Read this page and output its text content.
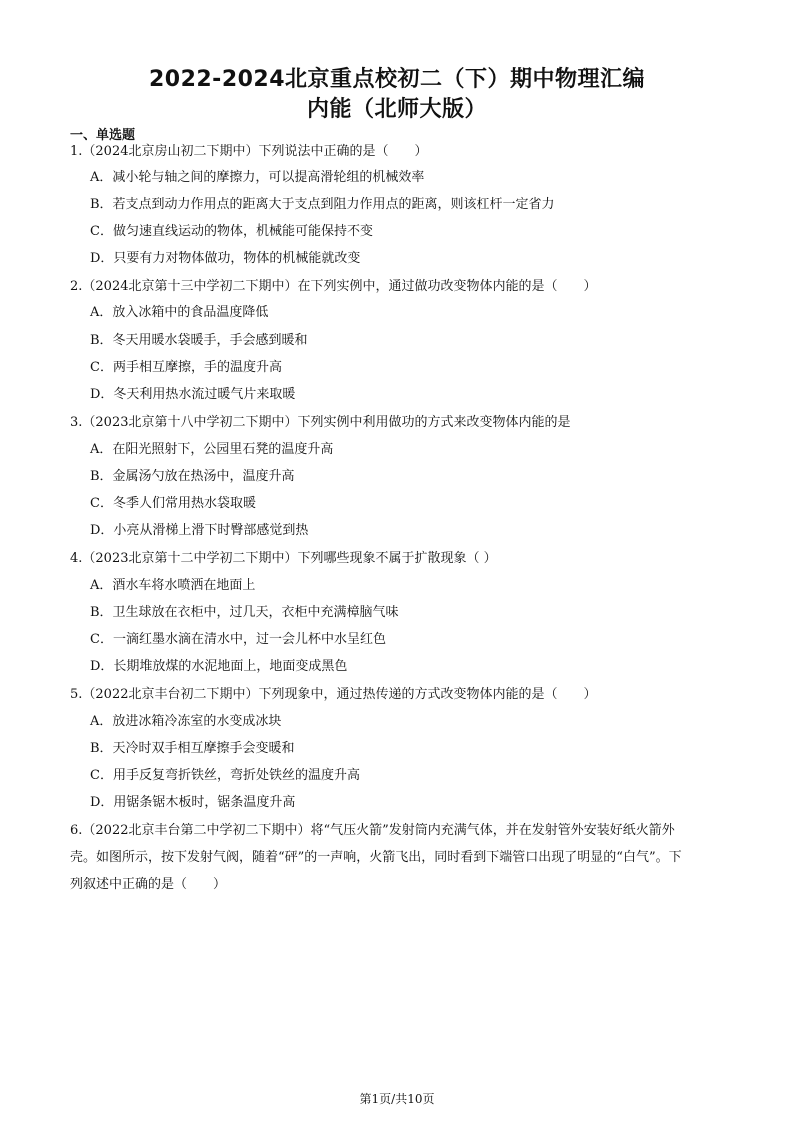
2022-2024北京重点校初二（下）期中物理汇编
内能（北师大版）
一、单选题
1.（2024北京房山初二下期中）下列说法中正确的是（　　）
A．减小轮与轴之间的摩擦力，可以提高滑轮组的机械效率
B．若支点到动力作用点的距离大于支点到阻力作用点的距离，则该杠杆一定省力
C．做匀速直线运动的物体，机械能可能保持不变
D．只要有力对物体做功，物体的机械能就改变
2.（2024北京第十三中学初二下期中）在下列实例中，通过做功改变物体内能的是（　　）
A．放入冰箱中的食品温度降低
B．冬天用暖水袋暖手，手会感到暖和
C．两手相互摩擦，手的温度升高
D．冬天利用热水流过暖气片来取暖
3.（2023北京第十八中学初二下期中）下列实例中利用做功的方式来改变物体内能的是
A．在阳光照射下，公园里石凳的温度升高
B．金属汤勺放在热汤中，温度升高
C．冬季人们常用热水袋取暖
D．小亮从滑梯上滑下时臀部感觉到热
4.（2023北京第十二中学初二下期中）下列哪些现象不属于扩散现象（ ）
A．酒水车将水喷洒在地面上
B．卫生球放在衣柜中，过几天，衣柜中充满樟脑气味
C．一滴红墨水滴在清水中，过一会儿杯中水呈红色
D．长期堆放煤的水泥地面上，地面变成黑色
5.（2022北京丰台初二下期中）下列现象中，通过热传递的方式改变物体内能的是（　　）
A．放进冰箱冷冻室的水变成冰块
B．天冷时双手相互摩擦手会变暖和
C．用手反复弯折铁丝，弯折处铁丝的温度升高
D．用锯条锯木板时，锯条温度升高
6.（2022北京丰台第二中学初二下期中）将“气压火箭”发射筒内充满气体，并在发射管外安装好纸火箭外
壳。如图所示，按下发射气阀，随着“砰”的一声响，火箭飞出，同时看到下端管口出现了明显的“白气”。下
列叙述中正确的是（　　）
第1页/共10页
